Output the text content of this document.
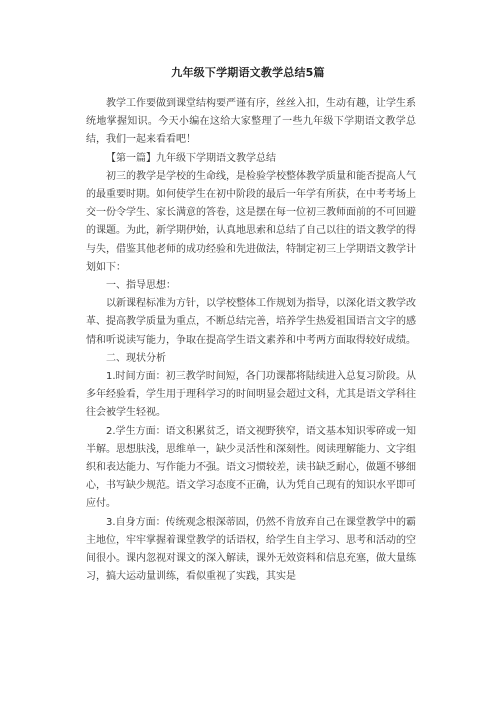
九年级下学期语文教学总结5篇

教学工作要做到课堂结构要严谨有序，丝丝入扣，生动有趣，让学生系统地掌握知识。今天小编在这给大家整理了一些九年级下学期语文教学总结，我们一起来看看吧！

【第一篇】九年级下学期语文教学总结

初三的教学是学校的生命线，是检验学校整体教学质量和能否提高人气的最重要时期。如何使学生在初中阶段的最后一年学有所获，在中考考场上交一份令学生、家长满意的答卷，这是摆在每一位初三教师面前的不可回避的课题。为此，新学期伊始，认真地思索和总结了自己以往的语文教学的得与失，借鉴其他老师的成功经验和先进做法，特制定初三上学期语文教学计划如下：

一、指导思想：

以新课程标准为方针，以学校整体工作规划为指导，以深化语文教学改革、提高教学质量为重点，不断总结完善，培养学生热爱祖国语言文字的感情和听说读写能力，争取在提高学生语文素养和中考两方面取得较好成绩。

二、现状分析

1.时间方面：初三教学时间短，各门功课都将陆续进入总复习阶段。从多年经验看，学生用于理科学习的时间明显会超过文科，尤其是语文学科往往会被学生轻视。

2.学生方面：语文积累贫乏，语文视野狭窄，语文基本知识零碎或一知半解。思想肤浅，思维单一，缺少灵活性和深刻性。阅读理解能力、文字组织和表达能力、写作能力不强。语文习惯较差，读书缺乏耐心，做题不够细心，书写缺少规范。语文学习态度不正确，认为凭自己现有的知识水平即可应付。

3.自身方面：传统观念根深蒂固，仍然不肯放弃自己在课堂教学中的霸主地位，牢牢掌握着课堂教学的话语权，给学生自主学习、思考和活动的空间很小。课内忽视对课文的深入解读，课外无效资料和信息充塞，做大量练习，搞大运动量训练，看似重视了实践，其实是
